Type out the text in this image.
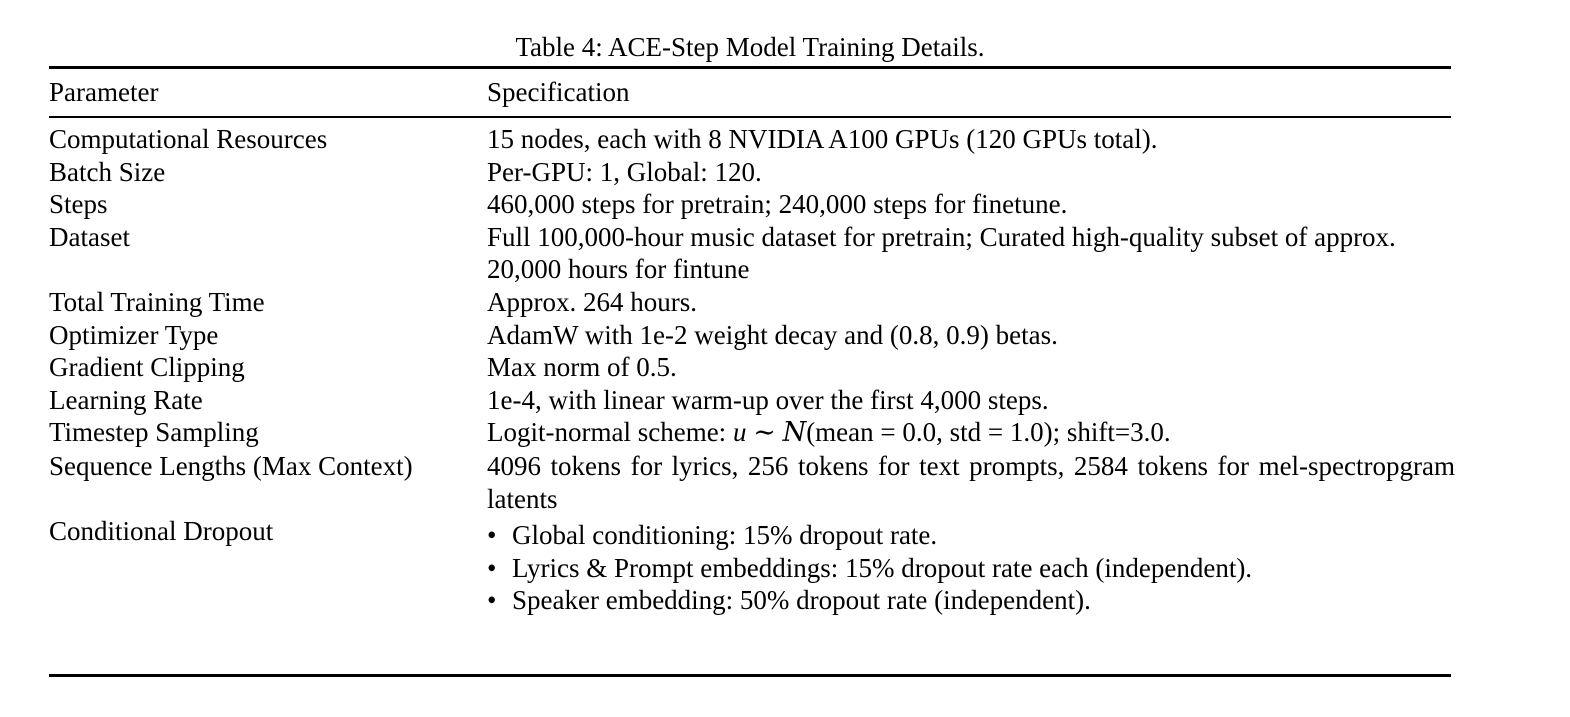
Table 4: ACE-Step Model Training Details.
Parameter	Specification
Computational Resources	15 nodes, each with 8 NVIDIA A100 GPUs (120 GPUs total).
Batch Size	Per-GPU: 1, Global: 120.
Steps	460,000 steps for pretrain; 240,000 steps for finetune.
Dataset	Full 100,000-hour music dataset for pretrain; Curated high-quality subset of approx. 20,000 hours for fintune
Total Training Time	Approx. 264 hours.
Optimizer Type	AdamW with 1e-2 weight decay and (0.8, 0.9) betas.
Gradient Clipping	Max norm of 0.5.
Learning Rate	1e-4, with linear warm-up over the first 4,000 steps.
Timestep Sampling	Logit-normal scheme: u ∼ N(mean = 0.0, std = 1.0); shift=3.0.
Sequence Lengths (Max Context)	4096 tokens for lyrics, 256 tokens for text prompts, 2584 tokens for mel-spectropgram latents
Conditional Dropout	• Global conditioning: 15% dropout rate.
• Lyrics & Prompt embeddings: 15% dropout rate each (independent).
• Speaker embedding: 50% dropout rate (independent).
